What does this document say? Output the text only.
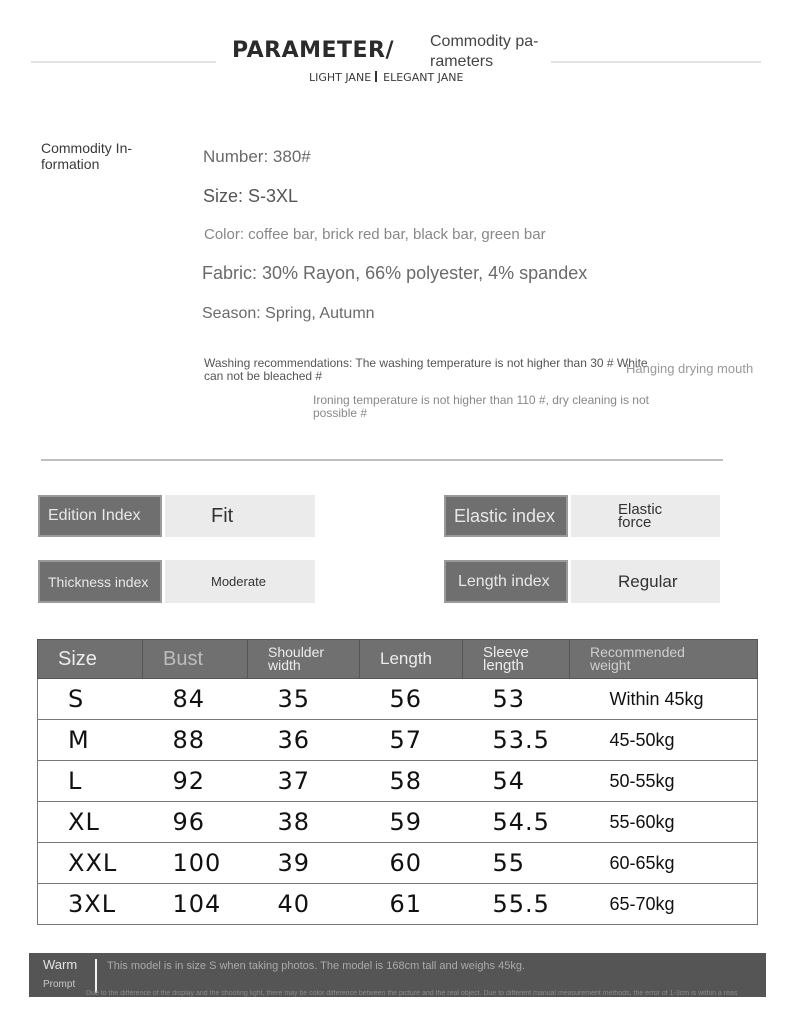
PARAMETER/ Commodity pa- rameters
LIGHT JANE ELEGANT JANE
Commodity In- formation	Number: 380#
Size: S-3XL
Color: coffee bar, brick red bar, black bar, green bar
Fabric: 30% Rayon, 66% polyester, 4% spandex
Season: Spring, Autumn
Washing recommendations: The washing temperature is not higher than 30 # White can not be bleached #	Hanging drying mouth
Ironing temperature is not higher than 110 #, dry cleaning is not possible #
Edition Index	Fit	Elastic index	Elastic force
Thickness index	Moderate	Length index	Regular
Size	Bust	Shoulder width	Length	Sleeve length	Recommended weight
S	84	35	56	53	Within 45kg
M	88	36	57	53.5	45-50kg
L	92	37	58	54	50-55kg
XL	96	38	59	54.5	55-60kg
XXL	100	39	60	55	60-65kg
3XL	104	40	61	55.5	65-70kg
Warm
Prompt
This model is in size S when taking photos. The model is 168cm tall and weighs 45kg.
Due to the difference of the display and the shooting light, there may be color difference between the picture and the real object. Due to different manual measurement methods, the error of 1-3cm is within a reas
